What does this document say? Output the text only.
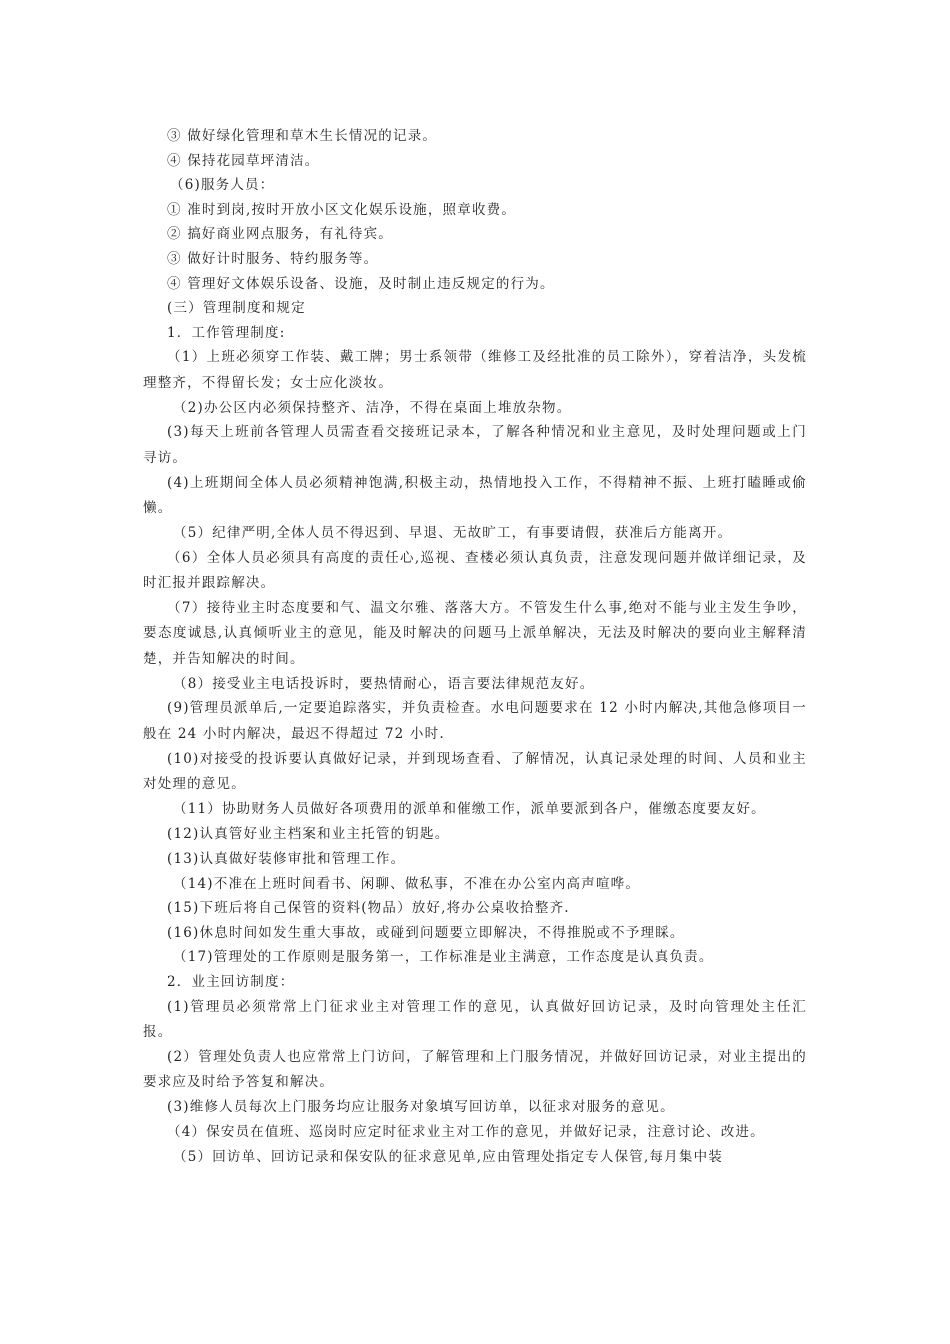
③ 做好绿化管理和草木生长情况的记录。

④ 保持花园草坪清洁。

（6)服务人员：

① 准时到岗,按时开放小区文化娱乐设施，照章收费。

② 搞好商业网点服务，有礼待宾。

③ 做好计时服务、特约服务等。

④ 管理好文体娱乐设备、设施，及时制止违反规定的行为。

(三）管理制度和规定

1．工作管理制度:

（1）上班必须穿工作装、戴工牌；男士系领带（维修工及经批准的员工除外），穿着洁净，头发梳理整齐，不得留长发；女士应化淡妆。

（2)办公区内必须保持整齐、洁净，不得在桌面上堆放杂物。

(3)每天上班前各管理人员需查看交接班记录本，了解各种情况和业主意见，及时处理问题或上门寻访。

(4)上班期间全体人员必须精神饱满,积极主动，热情地投入工作，不得精神不振、上班打瞌睡或偷懒。

（5）纪律严明,全体人员不得迟到、早退、无故旷工，有事要请假，获准后方能离开。

（6）全体人员必须具有高度的责任心,巡视、查楼必须认真负责，注意发现问题并做详细记录，及时汇报并跟踪解决。

（7）接待业主时态度要和气、温文尔雅、落落大方。不管发生什么事,绝对不能与业主发生争吵，要态度诚恳,认真倾听业主的意见，能及时解决的问题马上派单解决，无法及时解决的要向业主解释清楚，并告知解决的时间。

（8）接受业主电话投诉时，要热情耐心，语言要法律规范友好。

(9)管理员派单后,一定要追踪落实，并负责检查。水电问题要求在 12 小时内解决,其他急修项目一般在 24 小时内解决，最迟不得超过 72 小时.

(10)对接受的投诉要认真做好记录，并到现场查看、了解情况，认真记录处理的时间、人员和业主对处理的意见。

（11）协助财务人员做好各项费用的派单和催缴工作，派单要派到各户，催缴态度要友好。

(12)认真管好业主档案和业主托管的钥匙。

(13)认真做好装修审批和管理工作。

（14)不准在上班时间看书、闲聊、做私事，不准在办公室内高声喧哗。

(15)下班后将自己保管的资料(物品）放好,将办公桌收拾整齐.

(16)休息时间如发生重大事故，或碰到问题要立即解决，不得推脱或不予理睬。

（17)管理处的工作原则是服务第一，工作标准是业主满意，工作态度是认真负责。

2．业主回访制度：

(1)管理员必须常常上门征求业主对管理工作的意见，认真做好回访记录，及时向管理处主任汇报。

(2）管理处负责人也应常常上门访问，了解管理和上门服务情况，并做好回访记录，对业主提出的要求应及时给予答复和解决。

(3)维修人员每次上门服务均应让服务对象填写回访单，以征求对服务的意见。

（4）保安员在值班、巡岗时应定时征求业主对工作的意见，并做好记录，注意讨论、改进。

（5）回访单、回访记录和保安队的征求意见单,应由管理处指定专人保管,每月集中装
